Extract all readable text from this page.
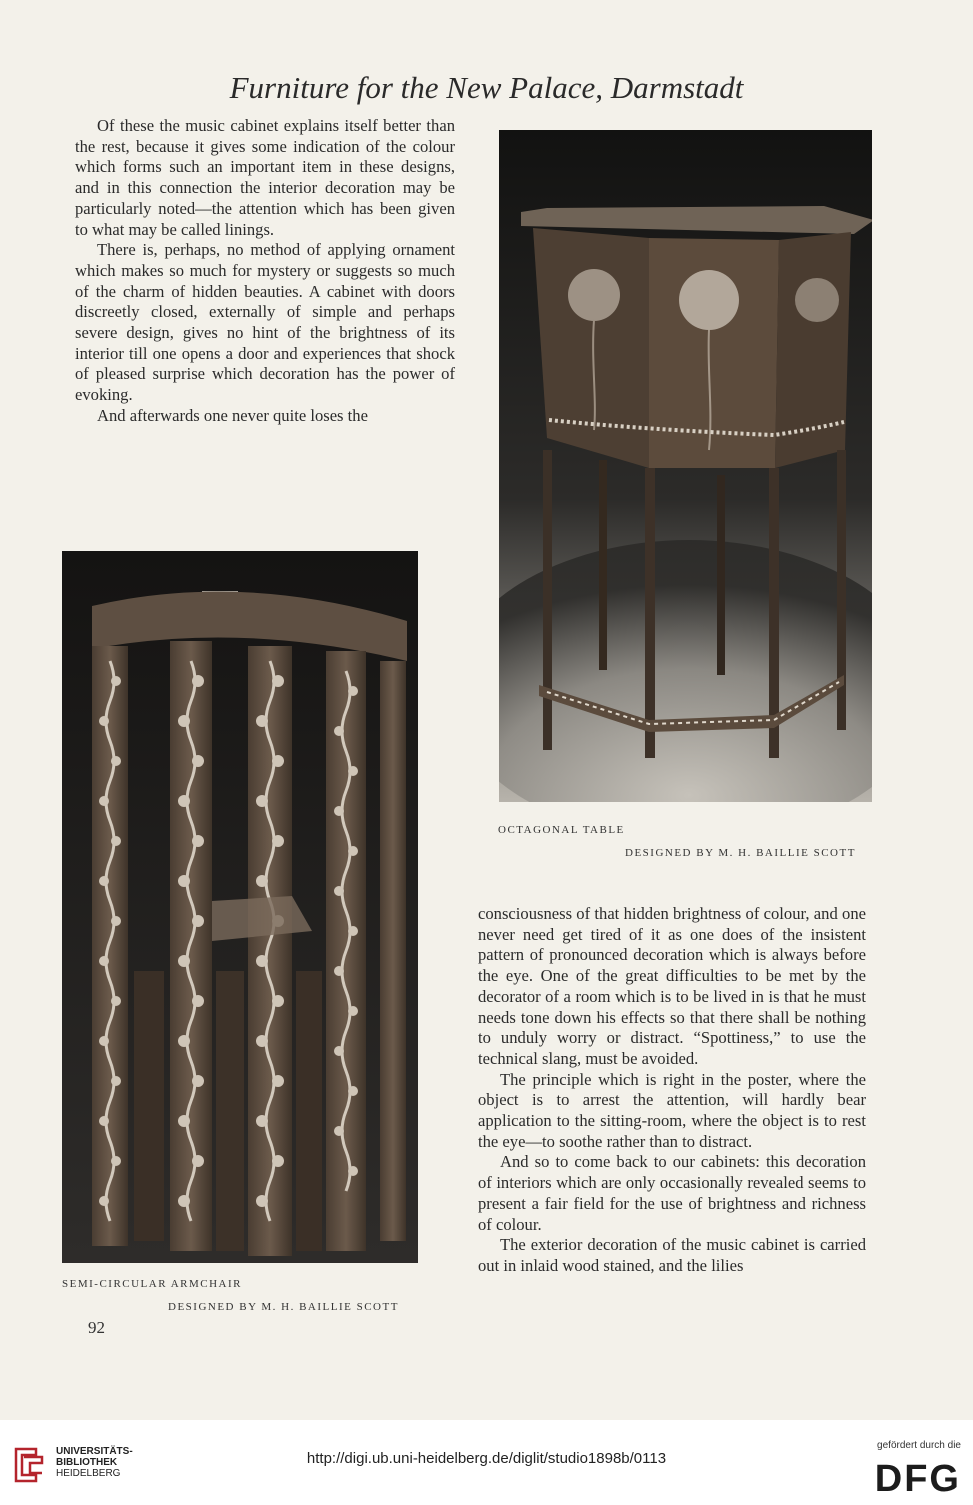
Furniture for the New Palace, Darmstadt

Of these the music cabinet explains itself better than the rest, because it gives some indication of the colour which forms such an important item in these designs, and in this connection the interior decoration may be particularly noted—the attention which has been given to what may be called linings.

There is, perhaps, no method of applying ornament which makes so much for mystery or suggests so much of the charm of hidden beauties. A cabinet with doors discreetly closed, externally of simple and perhaps severe design, gives no hint of the brightness of its interior till one opens a door and experiences that shock of pleased surprise which decoration has the power of evoking.

And afterwards one never quite loses the

OCTAGONAL TABLE
DESIGNED BY M. H. BAILLIE SCOTT
SEMI-CIRCULAR ARMCHAIR
DESIGNED BY M. H. BAILLIE SCOTT
92

consciousness of that hidden brightness of colour, and one never need get tired of it as one does of the insistent pattern of pronounced decoration which is always before the eye. One of the great difficulties to be met by the decorator of a room which is to be lived in is that he must needs tone down his effects so that there shall be nothing to unduly worry or distract. “Spottiness,” to use the technical slang, must be avoided.

The principle which is right in the poster, where the object is to arrest the attention, will hardly bear application to the sitting-room, where the object is to rest the eye—to soothe rather than to distract.

And so to come back to our cabinets: this decoration of interiors which are only occasionally revealed seems to present a fair field for the use of brightness and richness of colour.

The exterior decoration of the music cabinet is carried out in inlaid wood stained, and the lilies

UNIVERSITÄTS-
BIBLIOTHEK
HEIDELBERG
http://digi.ub.uni-heidelberg.de/diglit/studio1898b/0113
gefördert durch die
DFG
